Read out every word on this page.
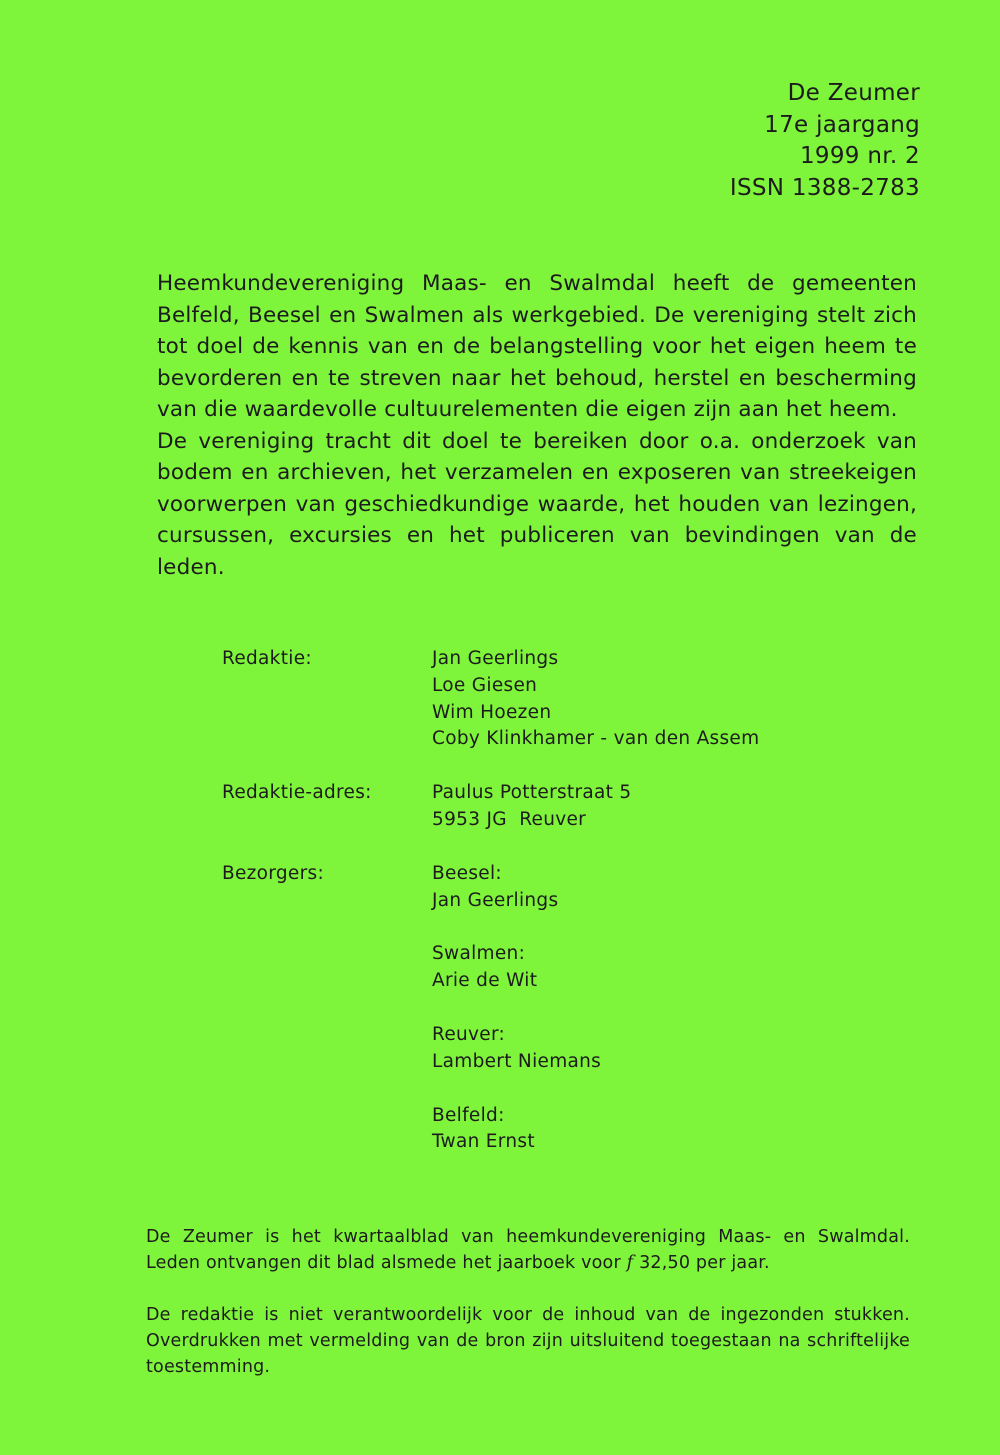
De Zeumer
17e jaargang
1999 nr. 2
ISSN 1388-2783

Heemkundevereniging Maas- en Swalmdal heeft de gemeenten Belfeld, Beesel en Swalmen als werkgebied. De vereniging stelt zich tot doel de kennis van en de belangstelling voor het eigen heem te bevorderen en te streven naar het behoud, herstel en bescherming van die waardevolle cultuurelementen die eigen zijn aan het heem.

De vereniging tracht dit doel te bereiken door o.a. onderzoek van bodem en archieven, het verzamelen en exposeren van streekeigen voorwerpen van geschiedkundige waarde, het houden van lezingen, cursussen, excursies en het publiceren van bevindingen van de leden.

Redaktie:	Jan Geerlings
Loe Giesen
Wim Hoezen
Coby Klinkhamer - van den Assem
Redaktie-adres:	Paulus Potterstraat 5
5953 JG  Reuver
Bezorgers:	Beesel:
Jan Geerlings
Swalmen:
Arie de Wit
Reuver:
Lambert Niemans
Belfeld:
Twan Ernst

De Zeumer is het kwartaalblad van heemkundevereniging Maas- en Swalmdal. Leden ontvangen dit blad alsmede het jaarboek voor f 32,50 per jaar.

De redaktie is niet verantwoordelijk voor de inhoud van de ingezonden stukken. Overdrukken met vermelding van de bron zijn uitsluitend toegestaan na schriftelijke toestemming.
